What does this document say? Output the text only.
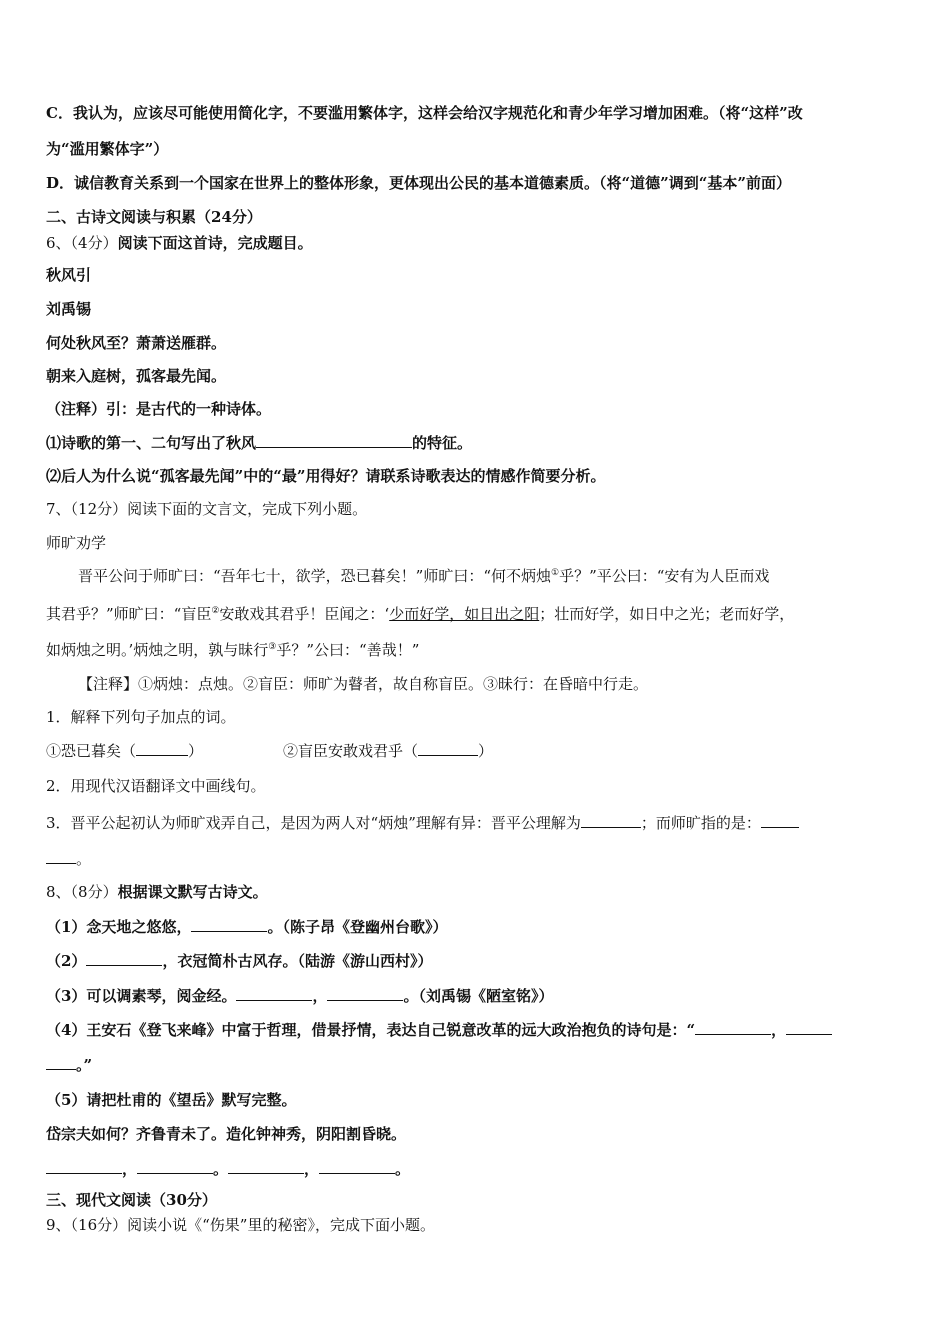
C．我认为，应该尽可能使用简化字，不要滥用繁体字，这样会给汉字规范化和青少年学习增加困难。（将“这样”改
为“滥用繁体字”）
D．诚信教育关系到一个国家在世界上的整体形象，更体现出公民的基本道德素质。（将“道德”调到“基本”前面）
二、古诗文阅读与积累（24分）
6、（4分）阅读下面这首诗，完成题目。
秋风引
刘禹锡
何处秋风至？萧萧送雁群。
朝来入庭树，孤客最先闻。
（注释）引：是古代的一种诗体。
⑴诗歌的第一、二句写出了秋风	的特征。
⑵后人为什么说“孤客最先闻”中的“最”用得好？请联系诗歌表达的情感作简要分析。
7、（12分）阅读下面的文言文，完成下列小题。
师旷劝学
晋平公问于师旷曰：“吾年七十，欲学，恐已暮矣！”师旷曰：“何不炳烛①乎？”平公曰：“安有为人臣而戏
其君乎？”师旷曰：“盲臣②安敢戏其君乎！臣闻之：‘少而好学，如日出之阳；壮而好学，如日中之光；老而好学，
如炳烛之明。’炳烛之明，孰与昧行③乎？”公曰：“善哉！”
【注释】①炳烛：点烛。②盲臣：师旷为瞽者，故自称盲臣。③昧行：在昏暗中行走。
1．解释下列句子加点的词。
①恐已暮矣（	）	②盲臣安敢戏君乎（	）
2．用现代汉语翻译文中画线句。
3．晋平公起初认为师旷戏弄自己，是因为两人对“炳烛”理解有异：晋平公理解为	；而师旷指的是：
。
8、（8分）根据课文默写古诗文。
（1）念天地之悠悠，	。（陈子昂《登幽州台歌》）
（2）	，衣冠简朴古风存。（陆游《游山西村》）
（3）可以调素琴，阅金经。	，	。（刘禹锡《陋室铭》）
（4）王安石《登飞来峰》中富于哲理，借景抒情，表达自己锐意改革的远大政治抱负的诗句是：“	，
。”
（5）请把杜甫的《望岳》默写完整。
岱宗夫如何？齐鲁青未了。造化钟神秀，阴阳割昏晓。
，	。	，	。
三、现代文阅读（30分）
9、（16分）阅读小说《“伤果”里的秘密》，完成下面小题。
